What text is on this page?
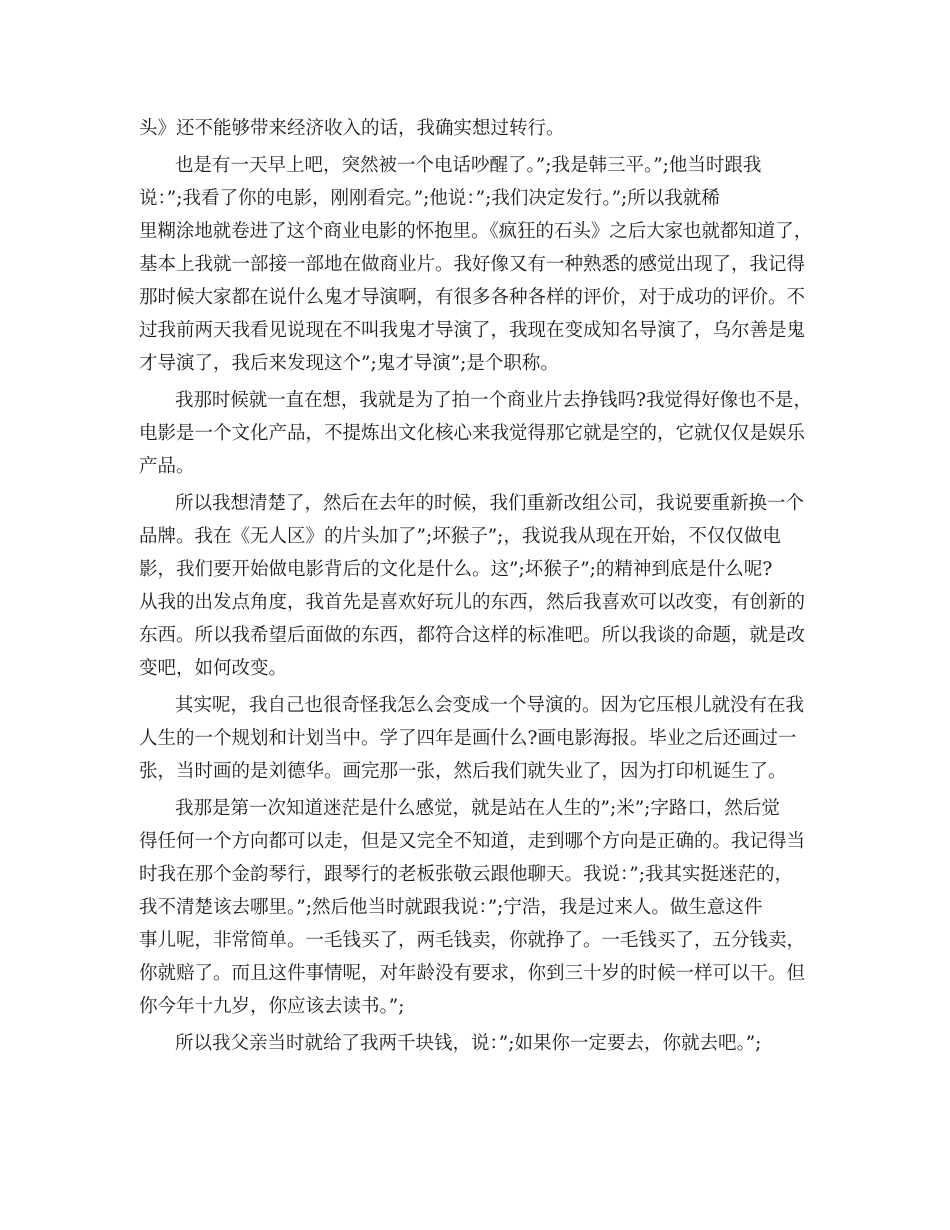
头》还不能够带来经济收入的话，我确实想过转行。
也是有一天早上吧，突然被一个电话吵醒了。”;我是韩三平。”;他当时跟我
说：”;我看了你的电影，刚刚看完。”;他说：”;我们决定发行。”;所以我就稀
里糊涂地就卷进了这个商业电影的怀抱里。《疯狂的石头》之后大家也就都知道了，
基本上我就一部接一部地在做商业片。我好像又有一种熟悉的感觉出现了，我记得
那时候大家都在说什么鬼才导演啊，有很多各种各样的评价，对于成功的评价。不
过我前两天我看见说现在不叫我鬼才导演了，我现在变成知名导演了，乌尔善是鬼
才导演了，我后来发现这个”;鬼才导演”;是个职称。
我那时候就一直在想，我就是为了拍一个商业片去挣钱吗?我觉得好像也不是，
电影是一个文化产品，不提炼出文化核心来我觉得那它就是空的，它就仅仅是娱乐
产品。
所以我想清楚了，然后在去年的时候，我们重新改组公司，我说要重新换一个
品牌。我在《无人区》的片头加了”;坏猴子”;，我说我从现在开始，不仅仅做电
影，我们要开始做电影背后的文化是什么。这”;坏猴子”;的精神到底是什么呢?
从我的出发点角度，我首先是喜欢好玩儿的东西，然后我喜欢可以改变，有创新的
东西。所以我希望后面做的东西，都符合这样的标准吧。所以我谈的命题，就是改
变吧，如何改变。
其实呢，我自己也很奇怪我怎么会变成一个导演的。因为它压根儿就没有在我
人生的一个规划和计划当中。学了四年是画什么?画电影海报。毕业之后还画过一
张，当时画的是刘德华。画完那一张，然后我们就失业了，因为打印机诞生了。
我那是第一次知道迷茫是什么感觉，就是站在人生的”;米”;字路口，然后觉
得任何一个方向都可以走，但是又完全不知道，走到哪个方向是正确的。我记得当
时我在那个金韵琴行，跟琴行的老板张敬云跟他聊天。我说：”;我其实挺迷茫的，
我不清楚该去哪里。”;然后他当时就跟我说：”;宁浩，我是过来人。做生意这件
事儿呢，非常简单。一毛钱买了，两毛钱卖，你就挣了。一毛钱买了，五分钱卖，
你就赔了。而且这件事情呢，对年龄没有要求，你到三十岁的时候一样可以干。但
你今年十九岁，你应该去读书。”;
所以我父亲当时就给了我两千块钱，说：”;如果你一定要去，你就去吧。”;
